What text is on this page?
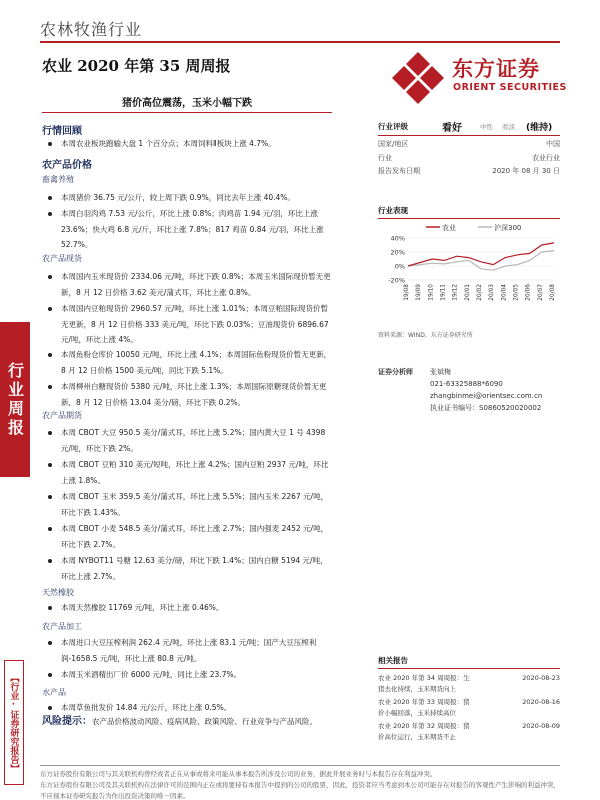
农林牧渔行业
农业 2020 年第 35 周周报	东方证券
ORIENT SECURITIES
猪价高位震荡，玉米小幅下跌
行业周报
【行业·证券研究报告】
行情回顾
本周农业板块跑输大盘 1 个百分点；本周饲料Ⅱ板块上涨 4.7%。
农产品价格
畜禽养殖
本周猪价 36.75 元/公斤，较上周下跌 0.9%，同比去年上涨 40.4%。
本周白羽肉鸡 7.53 元/公斤，环比上涨 0.8%；肉鸡苗 1.94 元/羽，环比上涨 23.6%；快大鸡 6.8 元/斤，环比上涨 7.8%；817 鸡苗 0.84 元/羽，环比上涨 52.7%。
农产品现货
本周国内玉米现货价 2334.06 元/吨，环比下跌 0.8%；本周玉米国际现价暂无更新，8 月 12 日价格 3.62 美元/蒲式耳，环比上涨 0.8%。
本周国内豆粕现货价 2960.57 元/吨，环比上涨 1.01%；本周豆粕国际现货价暂无更新，8 月 12 日价格 333 美元/吨，环比下跌 0.03%；豆油现货价 6896.67 元/吨，环比上涨 4%。
本周鱼粉仓库价 10050 元/吨，环比上涨 4.1%；本周国际鱼粉现货价暂无更新，8 月 12 日价格 1500 美元/吨，同比下跌 5.1%。
本周柳州白糖现货价 5380 元/吨，环比上涨 1.3%；本周国际原糖现货价暂无更新，8 月 12 日价格 13.04 美分/磅，环比下跌 0.2%。
农产品期货
本周 CBOT 大豆 950.5 美分/蒲式耳，环比上涨 5.2%；国内黄大豆 1 号 4398 元/吨，环比下跌 2%。
本周 CBOT 豆粕 310 美元/短吨，环比上涨 4.2%；国内豆粕 2937 元/吨，环比上涨 1.8%。
本周 CBOT 玉米 359.5 美分/蒲式耳，环比上涨 5.5%；国内玉米 2267 元/吨，环比下跌 1.43%。
本周 CBOT 小麦 548.5 美分/蒲式耳，环比上涨 2.7%；国内强麦 2452 元/吨，环比下跌 2.7%。
本周 NYBOT11 号糖 12.63 美分/磅，环比下跌 1.4%；国内白糖 5194 元/吨，环比上涨 2.7%。
天然橡胶
本周天然橡胶 11769 元/吨，环比上涨 0.46%。
农产品加工
本周进口大豆压榨利润 262.4 元/吨，环比上涨 83.1 元/吨；国产大豆压榨利润-1658.5 元/吨，环比上涨 80.8 元/吨。
本周玉米酒精出厂价 6000 元/吨，同比上涨 23.7%。
水产品
本周草鱼批发价 14.84 元/公斤，环比上涨 0.5%。
风险提示：农产品价格波动风险、疫病风险、政策风险、行业竞争与产品风险。
行业评级	看好	中性	看淡	(维持)
国家/地区	中国
行业	农业行业
报告发布日期	2020 年 08 月 30 日
行业表现
农业	沪深300
40%
20%
0%
-20%
19/08 19/09 19/10 19/11 19/12 20/01 20/02 20/03 20/04 20/05 20/06 20/07 20/08
资料来源：WIND、东方证券研究所
证券分析师	张斌梅
021-63325888*6090
zhangbinmei@orientsec.com.cn
执业证书编号：S0860520020002
相关报告
农业 2020 年第 34 周周报：生	2020-08-23
猪去化持续，玉米期货向上
农业 2020 年第 33 周周报：猪	2020-08-16
价小幅回落，玉米持续高位
农业 2020 年第 32 周周报：猪	2020-08-09
价高位运行，玉米期货不止
东方证券股份有限公司与其关联机构曾经或者正在从事或将来可能从事本报告所涉及公司的业务，据此开展业务时与本报告存在利益冲突。
东方证券股份有限公司及其关联机构在法律许可的范围内正在或将要持有本报告中提到的公司的股票，因此，投资者应当考虑到本公司可能存在对报告的客观性产生影响的利益冲突，不应视本证券研究报告为作出投资决策的唯一因素。
